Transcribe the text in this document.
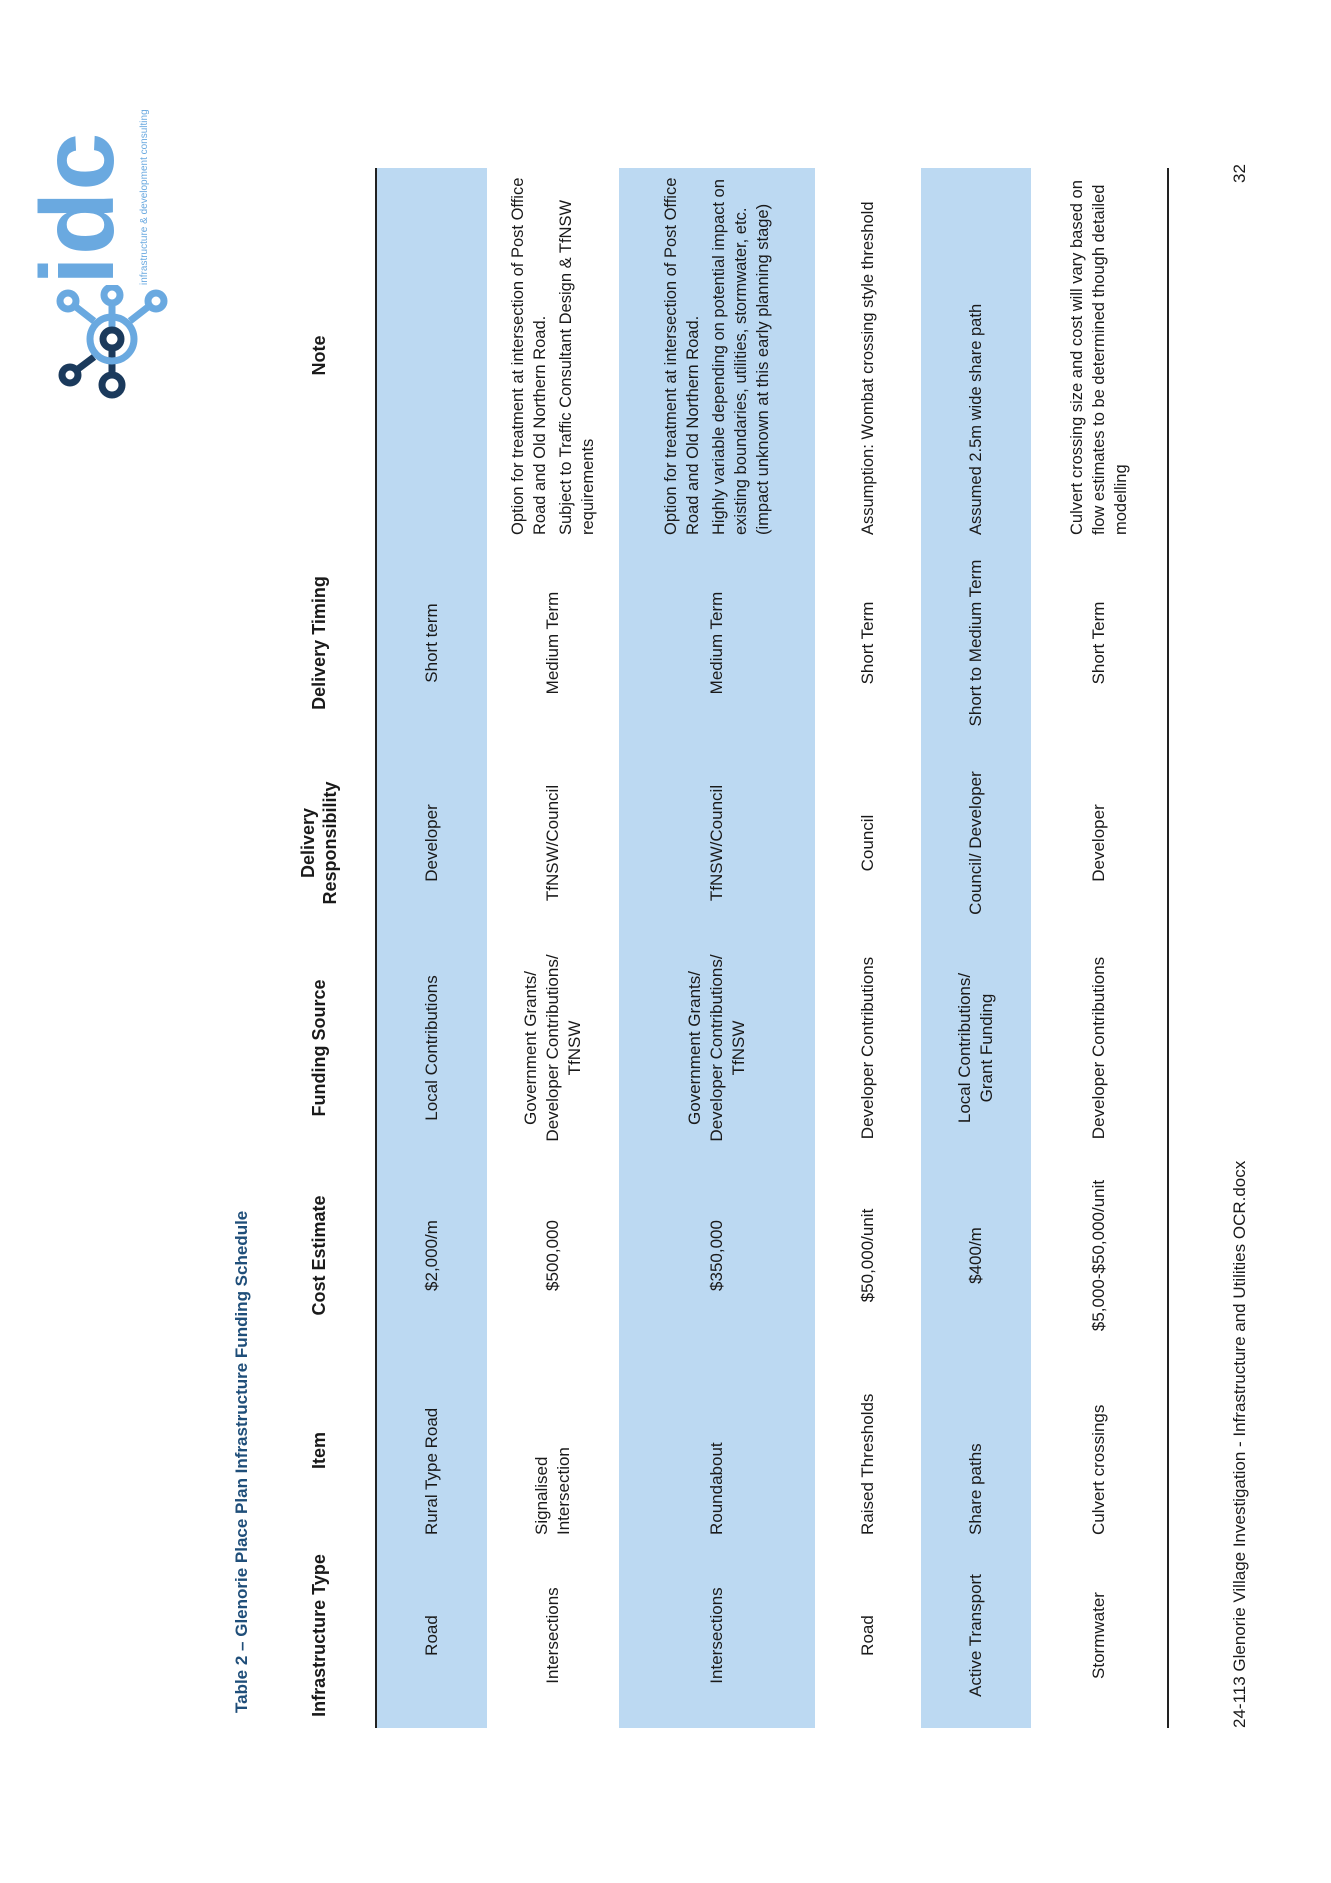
idc infrastructure & development consulting
Table 2 – Glenorie Place Plan Infrastructure Funding Schedule	Infrastructure Type	Item	Cost Estimate	Funding Source	Delivery Responsibility	Delivery Timing	Note
Road	Rural Type Road	$2,000/m	Local Contributions	Developer	Short term	

Intersections	Signalised Intersection	$500,000	Government Grants/ Developer Contributions/ TfNSW	TfNSW/Council	Medium Term	Option for treatment at intersection of Post Office Road and Old Northern Road. Subject to Traffic Consultant Design & TfNSW requirements

Intersections	Roundabout	$350,000	Government Grants/ Developer Contributions/ TfNSW	TfNSW/Council	Medium Term	Option for treatment at intersection of Post Office Road and Old Northern Road. Highly variable depending on potential impact on existing boundaries, utilities, stormwater, etc. (impact unknown at this early planning stage)

Road	Raised Thresholds	$50,000/unit	Developer Contributions	Council	Short Term	Assumption: Wombat crossing style threshold

Active Transport	Share paths	$400/m	Local Contributions/ Grant Funding	Council/ Developer	Short to Medium Term	Assumed 2.5m wide share path

Stormwater	Culvert crossings	$5,000-$50,000/unit	Developer Contributions	Developer	Short Term	Culvert crossing size and cost will vary based on flow estimates to be determined though detailed modelling

24-113 Glenorie Village Investigation - Infrastructure and Utilities OCR.docx
32
